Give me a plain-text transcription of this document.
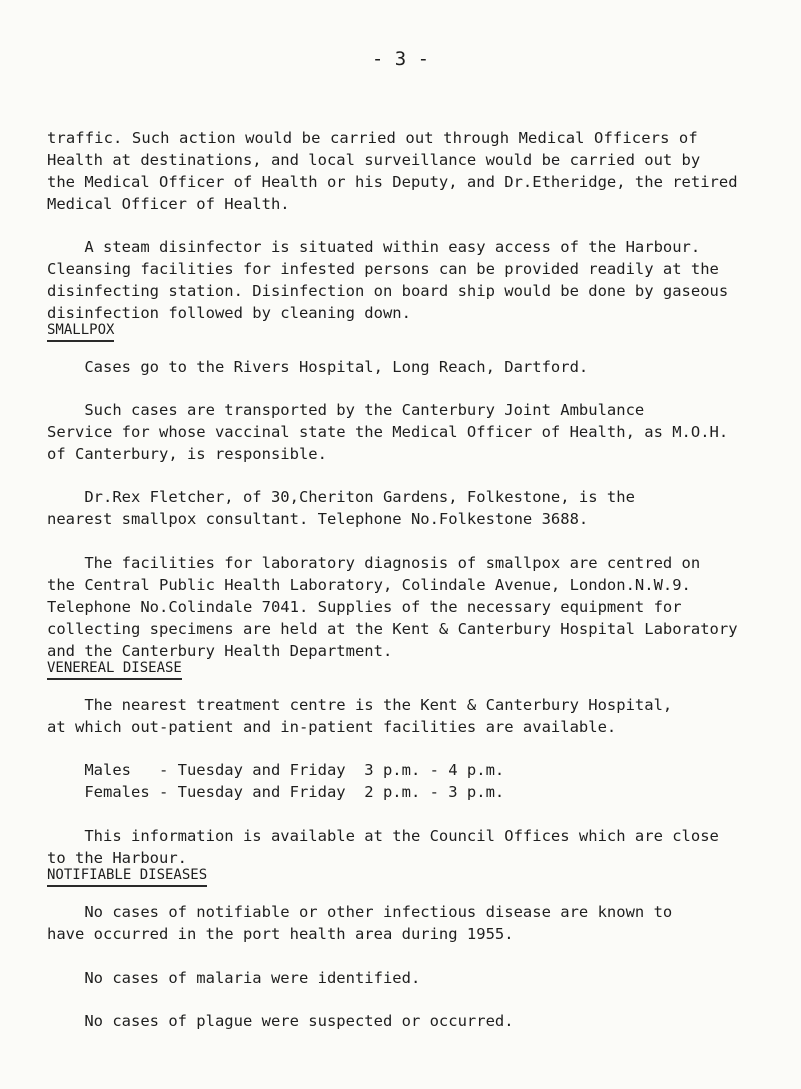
- 3 -
traffic. Such action would be carried out through Medical Officers of
Health at destinations, and local surveillance would be carried out by
the Medical Officer of Health or his Deputy, and Dr.Etheridge, the retired
Medical Officer of Health.
A steam disinfector is situated within easy access of the Harbour.
Cleansing facilities for infested persons can be provided readily at the
disinfecting station. Disinfection on board ship would be done by gaseous
disinfection followed by cleaning down.
SMALLPOX
Cases go to the Rivers Hospital, Long Reach, Dartford.
Such cases are transported by the Canterbury Joint Ambulance
Service for whose vaccinal state the Medical Officer of Health, as M.O.H.
of Canterbury, is responsible.
Dr.Rex Fletcher, of 30,Cheriton Gardens, Folkestone, is the
nearest smallpox consultant. Telephone No.Folkestone 3688.
The facilities for laboratory diagnosis of smallpox are centred on
the Central Public Health Laboratory, Colindale Avenue, London.N.W.9.
Telephone No.Colindale 7041. Supplies of the necessary equipment for
collecting specimens are held at the Kent & Canterbury Hospital Laboratory
and the Canterbury Health Department.
VENEREAL DISEASE
The nearest treatment centre is the Kent & Canterbury Hospital,
at which out-patient and in-patient facilities are available.
Males   - Tuesday and Friday  3 p.m. - 4 p.m.
Females - Tuesday and Friday  2 p.m. - 3 p.m.
This information is available at the Council Offices which are close
to the Harbour.
NOTIFIABLE DISEASES
No cases of notifiable or other infectious disease are known to
have occurred in the port health area during 1955.
No cases of malaria were identified.
No cases of plague were suspected or occurred.
